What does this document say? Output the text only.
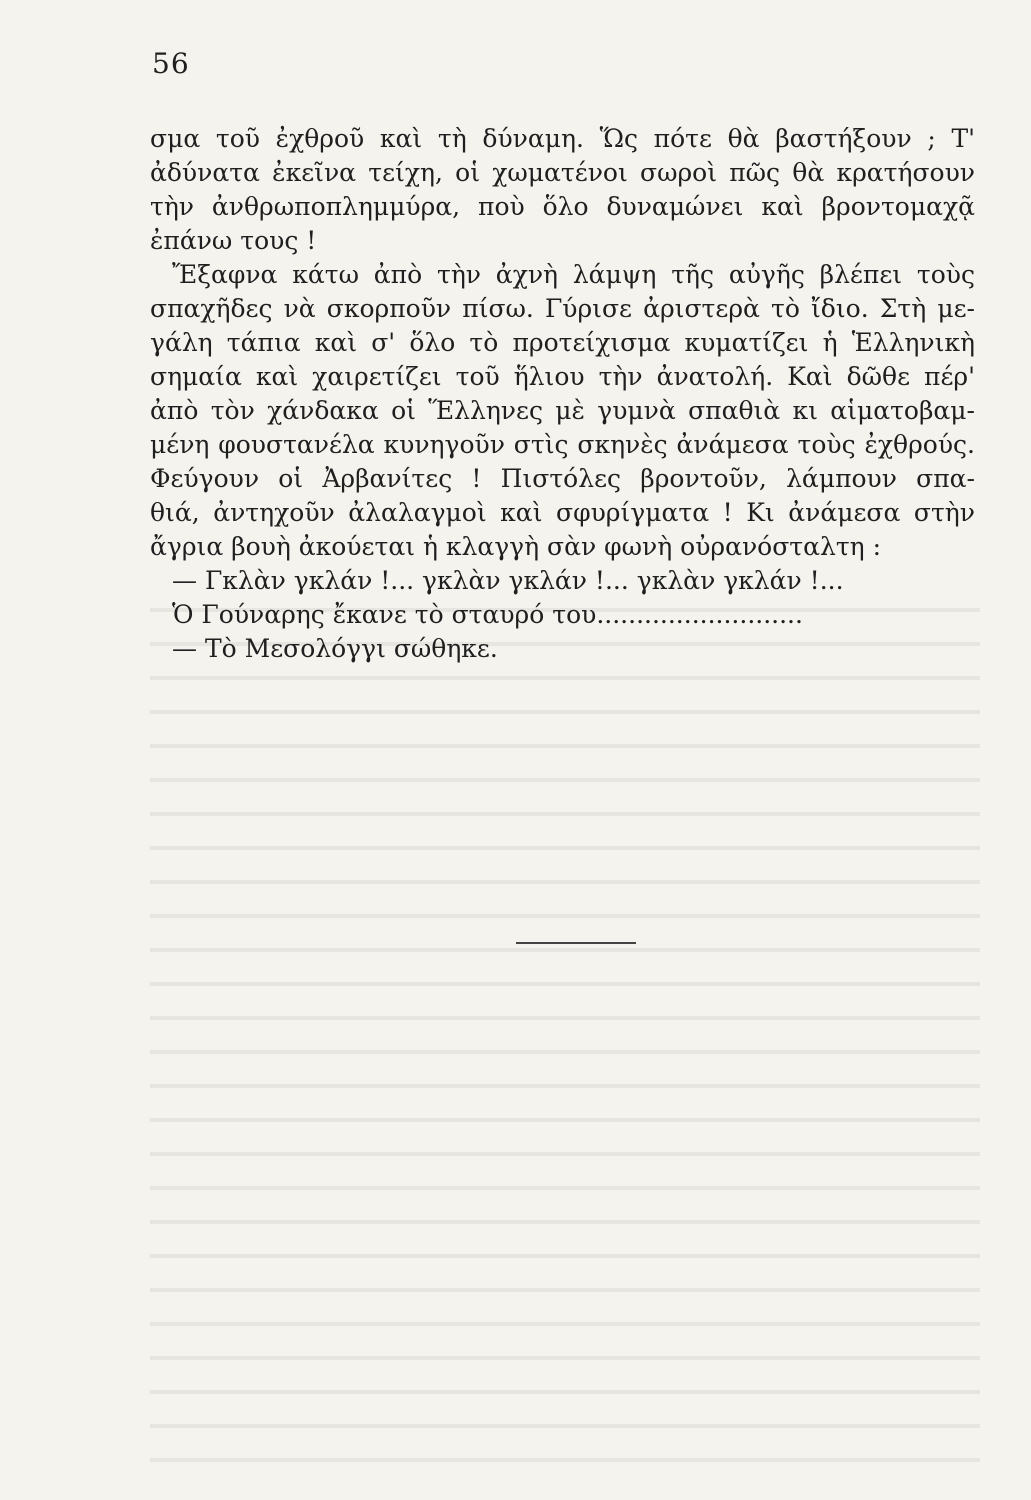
56
σμα τοῦ ἐχθροῦ καὶ τὴ δύναμη. Ὥς πότε θὰ βαστήξουν ; Τ'
ἀδύνατα ἐκεῖνα τείχη, οἱ χωματένοι σωροὶ πῶς θὰ κρατήσουν
τὴν ἀνθρωποπλημμύρα, ποὺ ὅλο δυναμώνει καὶ βροντομαχᾷ
ἐπάνω τους !
Ἔξαφνα κάτω ἀπὸ τὴν ἀχνὴ λάμψη τῆς αὐγῆς βλέπει τοὺς
σπαχῆδες νὰ σκορποῦν πίσω. Γύρισε ἀριστερὰ τὸ ἴδιο. Στὴ με-
γάλη τάπια καὶ σ' ὅλο τὸ προτείχισμα κυματίζει ἡ Ἑλληνικὴ
σημαία καὶ χαιρετίζει τοῦ ἥλιου τὴν ἀνατολή. Καὶ δῶθε πέρ'
ἀπὸ τὸν χάνδακα οἱ Ἕλληνες μὲ γυμνὰ σπαθιὰ κι αἱματοβαμ-
μένη φουστανέλα κυνηγοῦν στὶς σκηνὲς ἀνάμεσα τοὺς ἐχθρούς.
Φεύγουν οἱ Ἀρβανίτες ! Πιστόλες βροντοῦν, λάμπουν σπα-
θιά, ἀντηχοῦν ἀλαλαγμοὶ καὶ σφυρίγματα ! Κι ἀνάμεσα στὴν
ἄγρια βουὴ ἀκούεται ἡ κλαγγὴ σὰν φωνὴ οὐρανόσταλτη :
— Γκλὰν γκλάν !... γκλὰν γκλάν !... γκλὰν γκλάν !...
Ὁ Γούναρης ἔκανε τὸ σταυρό του..........................
— Τὸ Μεσολόγγι σώθηκε.
